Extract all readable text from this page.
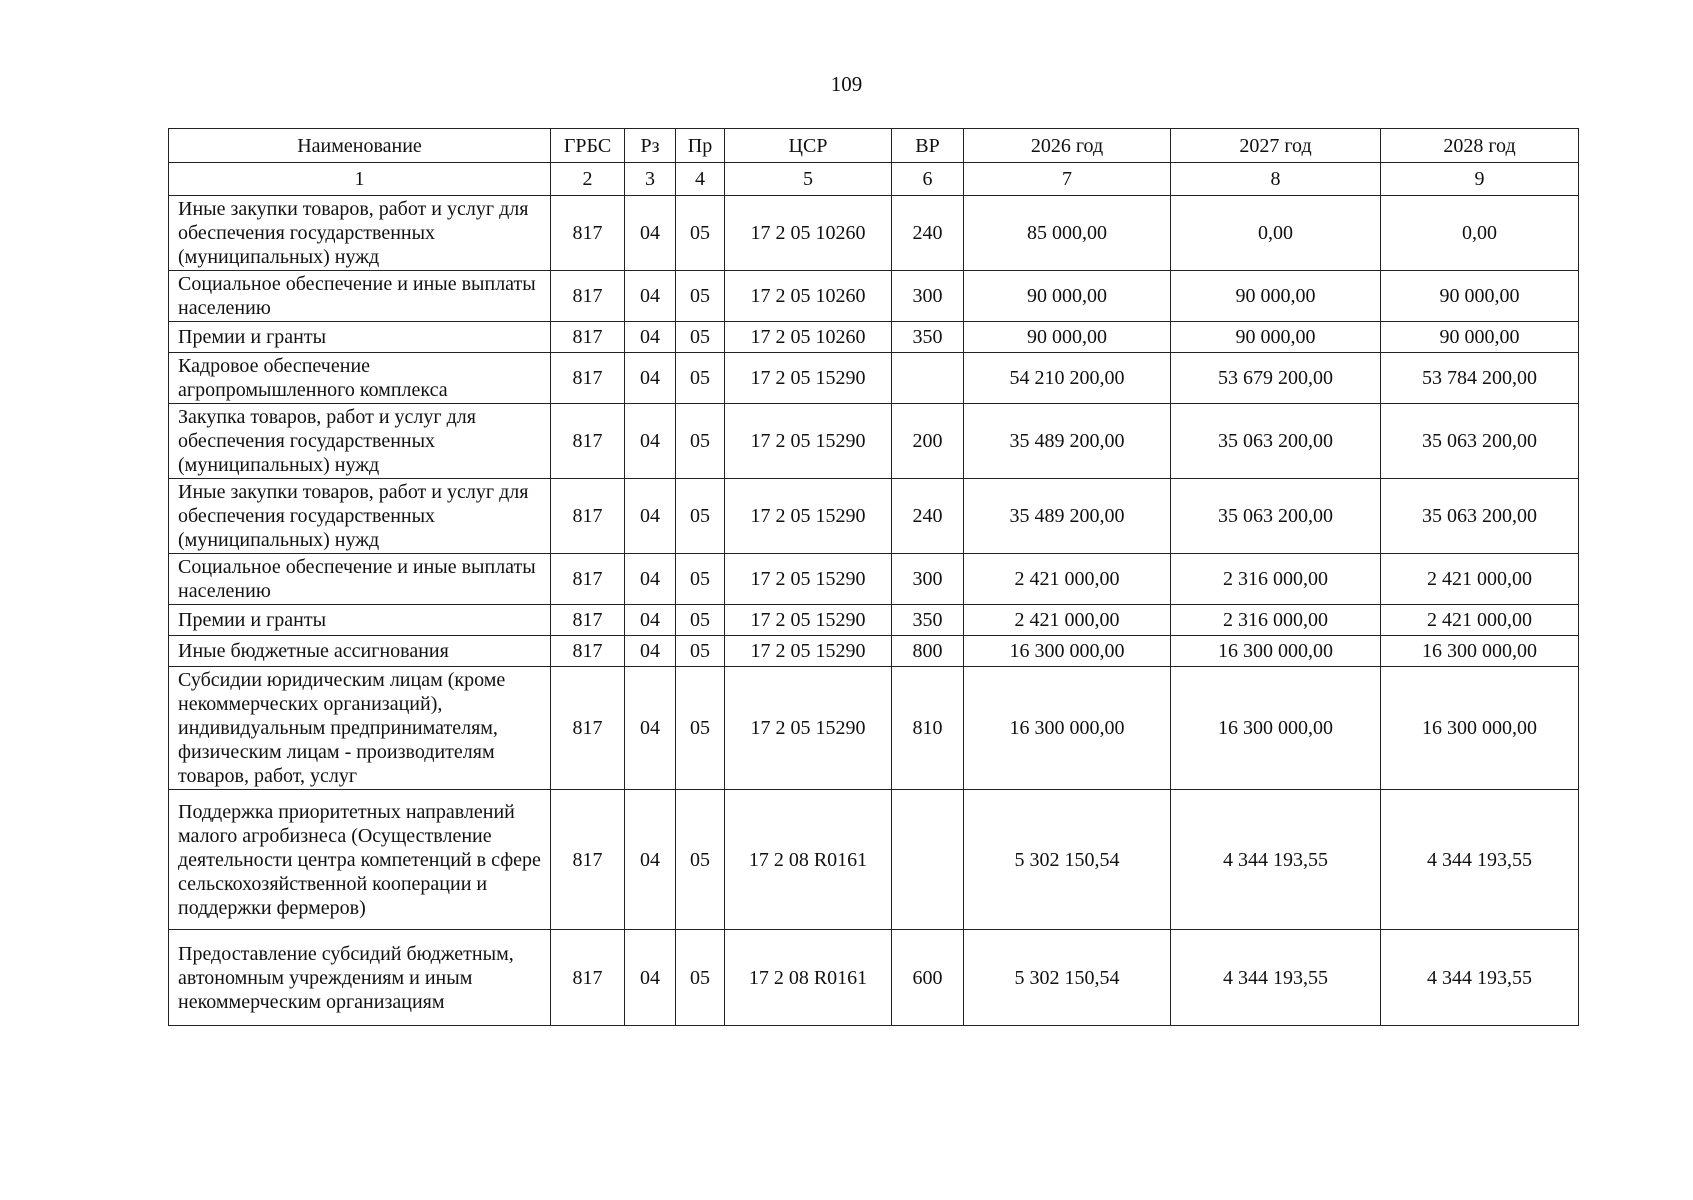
109
Наименование	ГРБС	Рз	Пр	ЦСР	ВР	2026 год	2027 год	2028 год
1	2	3	4	5	6	7	8	9
Иные закупки товаров, работ и услуг для обеспечения государственных (муниципальных) нужд	817	04	05	17 2 05 10260	240	85 000,00	0,00	0,00
Социальное обеспечение и иные выплаты населению	817	04	05	17 2 05 10260	300	90 000,00	90 000,00	90 000,00
Премии и гранты	817	04	05	17 2 05 10260	350	90 000,00	90 000,00	90 000,00
Кадровое обеспечение агропромышленного комплекса	817	04	05	17 2 05 15290		54 210 200,00	53 679 200,00	53 784 200,00
Закупка товаров, работ и услуг для обеспечения государственных (муниципальных) нужд	817	04	05	17 2 05 15290	200	35 489 200,00	35 063 200,00	35 063 200,00
Иные закупки товаров, работ и услуг для обеспечения государственных (муниципальных) нужд	817	04	05	17 2 05 15290	240	35 489 200,00	35 063 200,00	35 063 200,00
Социальное обеспечение и иные выплаты населению	817	04	05	17 2 05 15290	300	2 421 000,00	2 316 000,00	2 421 000,00
Премии и гранты	817	04	05	17 2 05 15290	350	2 421 000,00	2 316 000,00	2 421 000,00
Иные бюджетные ассигнования	817	04	05	17 2 05 15290	800	16 300 000,00	16 300 000,00	16 300 000,00
Субсидии юридическим лицам (кроме некоммерческих организаций), индивидуальным предпринимателям, физическим лицам - производителям товаров, работ, услуг	817	04	05	17 2 05 15290	810	16 300 000,00	16 300 000,00	16 300 000,00
Поддержка приоритетных направлений малого агробизнеса (Осуществление деятельности центра компетенций в сфере сельскохозяйственной кооперации и поддержки фермеров)	817	04	05	17 2 08 R0161		5 302 150,54	4 344 193,55	4 344 193,55
Предоставление субсидий бюджетным, автономным учреждениям и иным некоммерческим организациям	817	04	05	17 2 08 R0161	600	5 302 150,54	4 344 193,55	4 344 193,55
